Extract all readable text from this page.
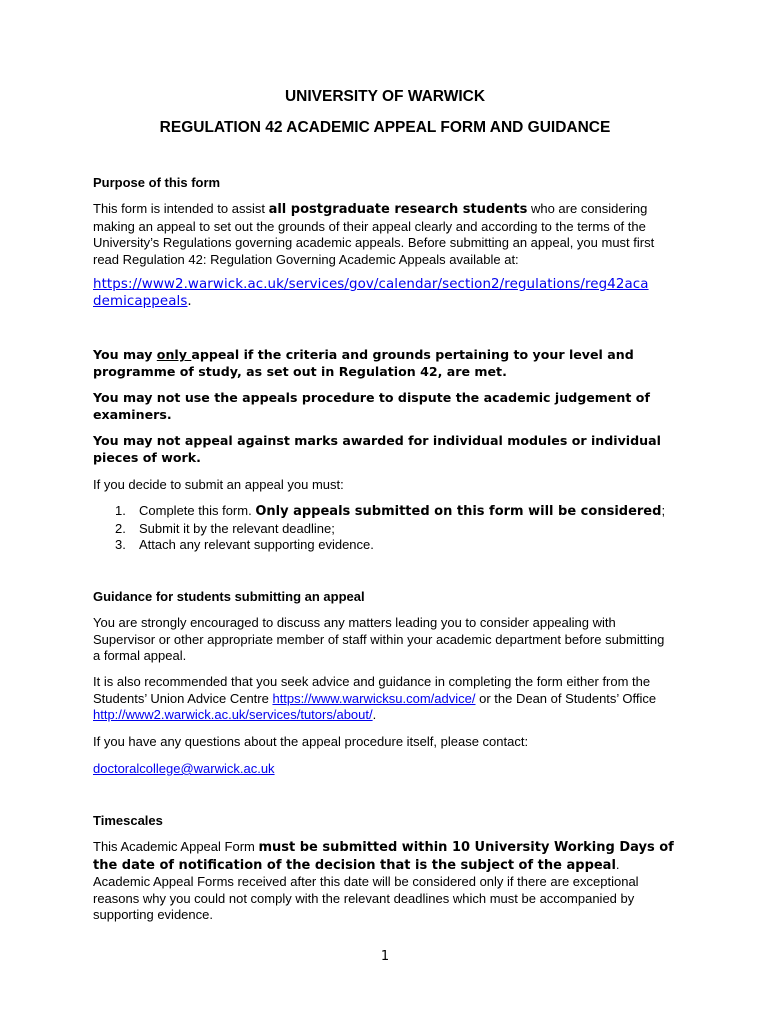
UNIVERSITY OF WARWICK
REGULATION 42 ACADEMIC APPEAL FORM AND GUIDANCE
Purpose of this form
This form is intended to assist all postgraduate research students who are considering making an appeal to set out the grounds of their appeal clearly and according to the terms of the University’s Regulations governing academic appeals. Before submitting an appeal, you must first read Regulation 42: Regulation Governing Academic Appeals available at:
https://www2.warwick.ac.uk/services/gov/calendar/section2/regulations/reg42aca
demicappeals.
You may only appeal if the criteria and grounds pertaining to your level and programme of study, as set out in Regulation 42, are met.
You may not use the appeals procedure to dispute the academic judgement of examiners.
You may not appeal against marks awarded for individual modules or individual pieces of work.
If you decide to submit an appeal you must:
1. Complete this form. Only appeals submitted on this form will be considered;
2. Submit it by the relevant deadline;
3. Attach any relevant supporting evidence.
Guidance for students submitting an appeal
You are strongly encouraged to discuss any matters leading you to consider appealing with Supervisor or other appropriate member of staff within your academic department before submitting a formal appeal.
It is also recommended that you seek advice and guidance in completing the form either from the Students’ Union Advice Centre https://www.warwicksu.com/advice/ or the Dean of Students’ Office http://www2.warwick.ac.uk/services/tutors/about/.
If you have any questions about the appeal procedure itself, please contact:
doctoralcollege@warwick.ac.uk
Timescales
This Academic Appeal Form must be submitted within 10 University Working Days of the date of notification of the decision that is the subject of the appeal. Academic Appeal Forms received after this date will be considered only if there are exceptional reasons why you could not comply with the relevant deadlines which must be accompanied by supporting evidence.
1
